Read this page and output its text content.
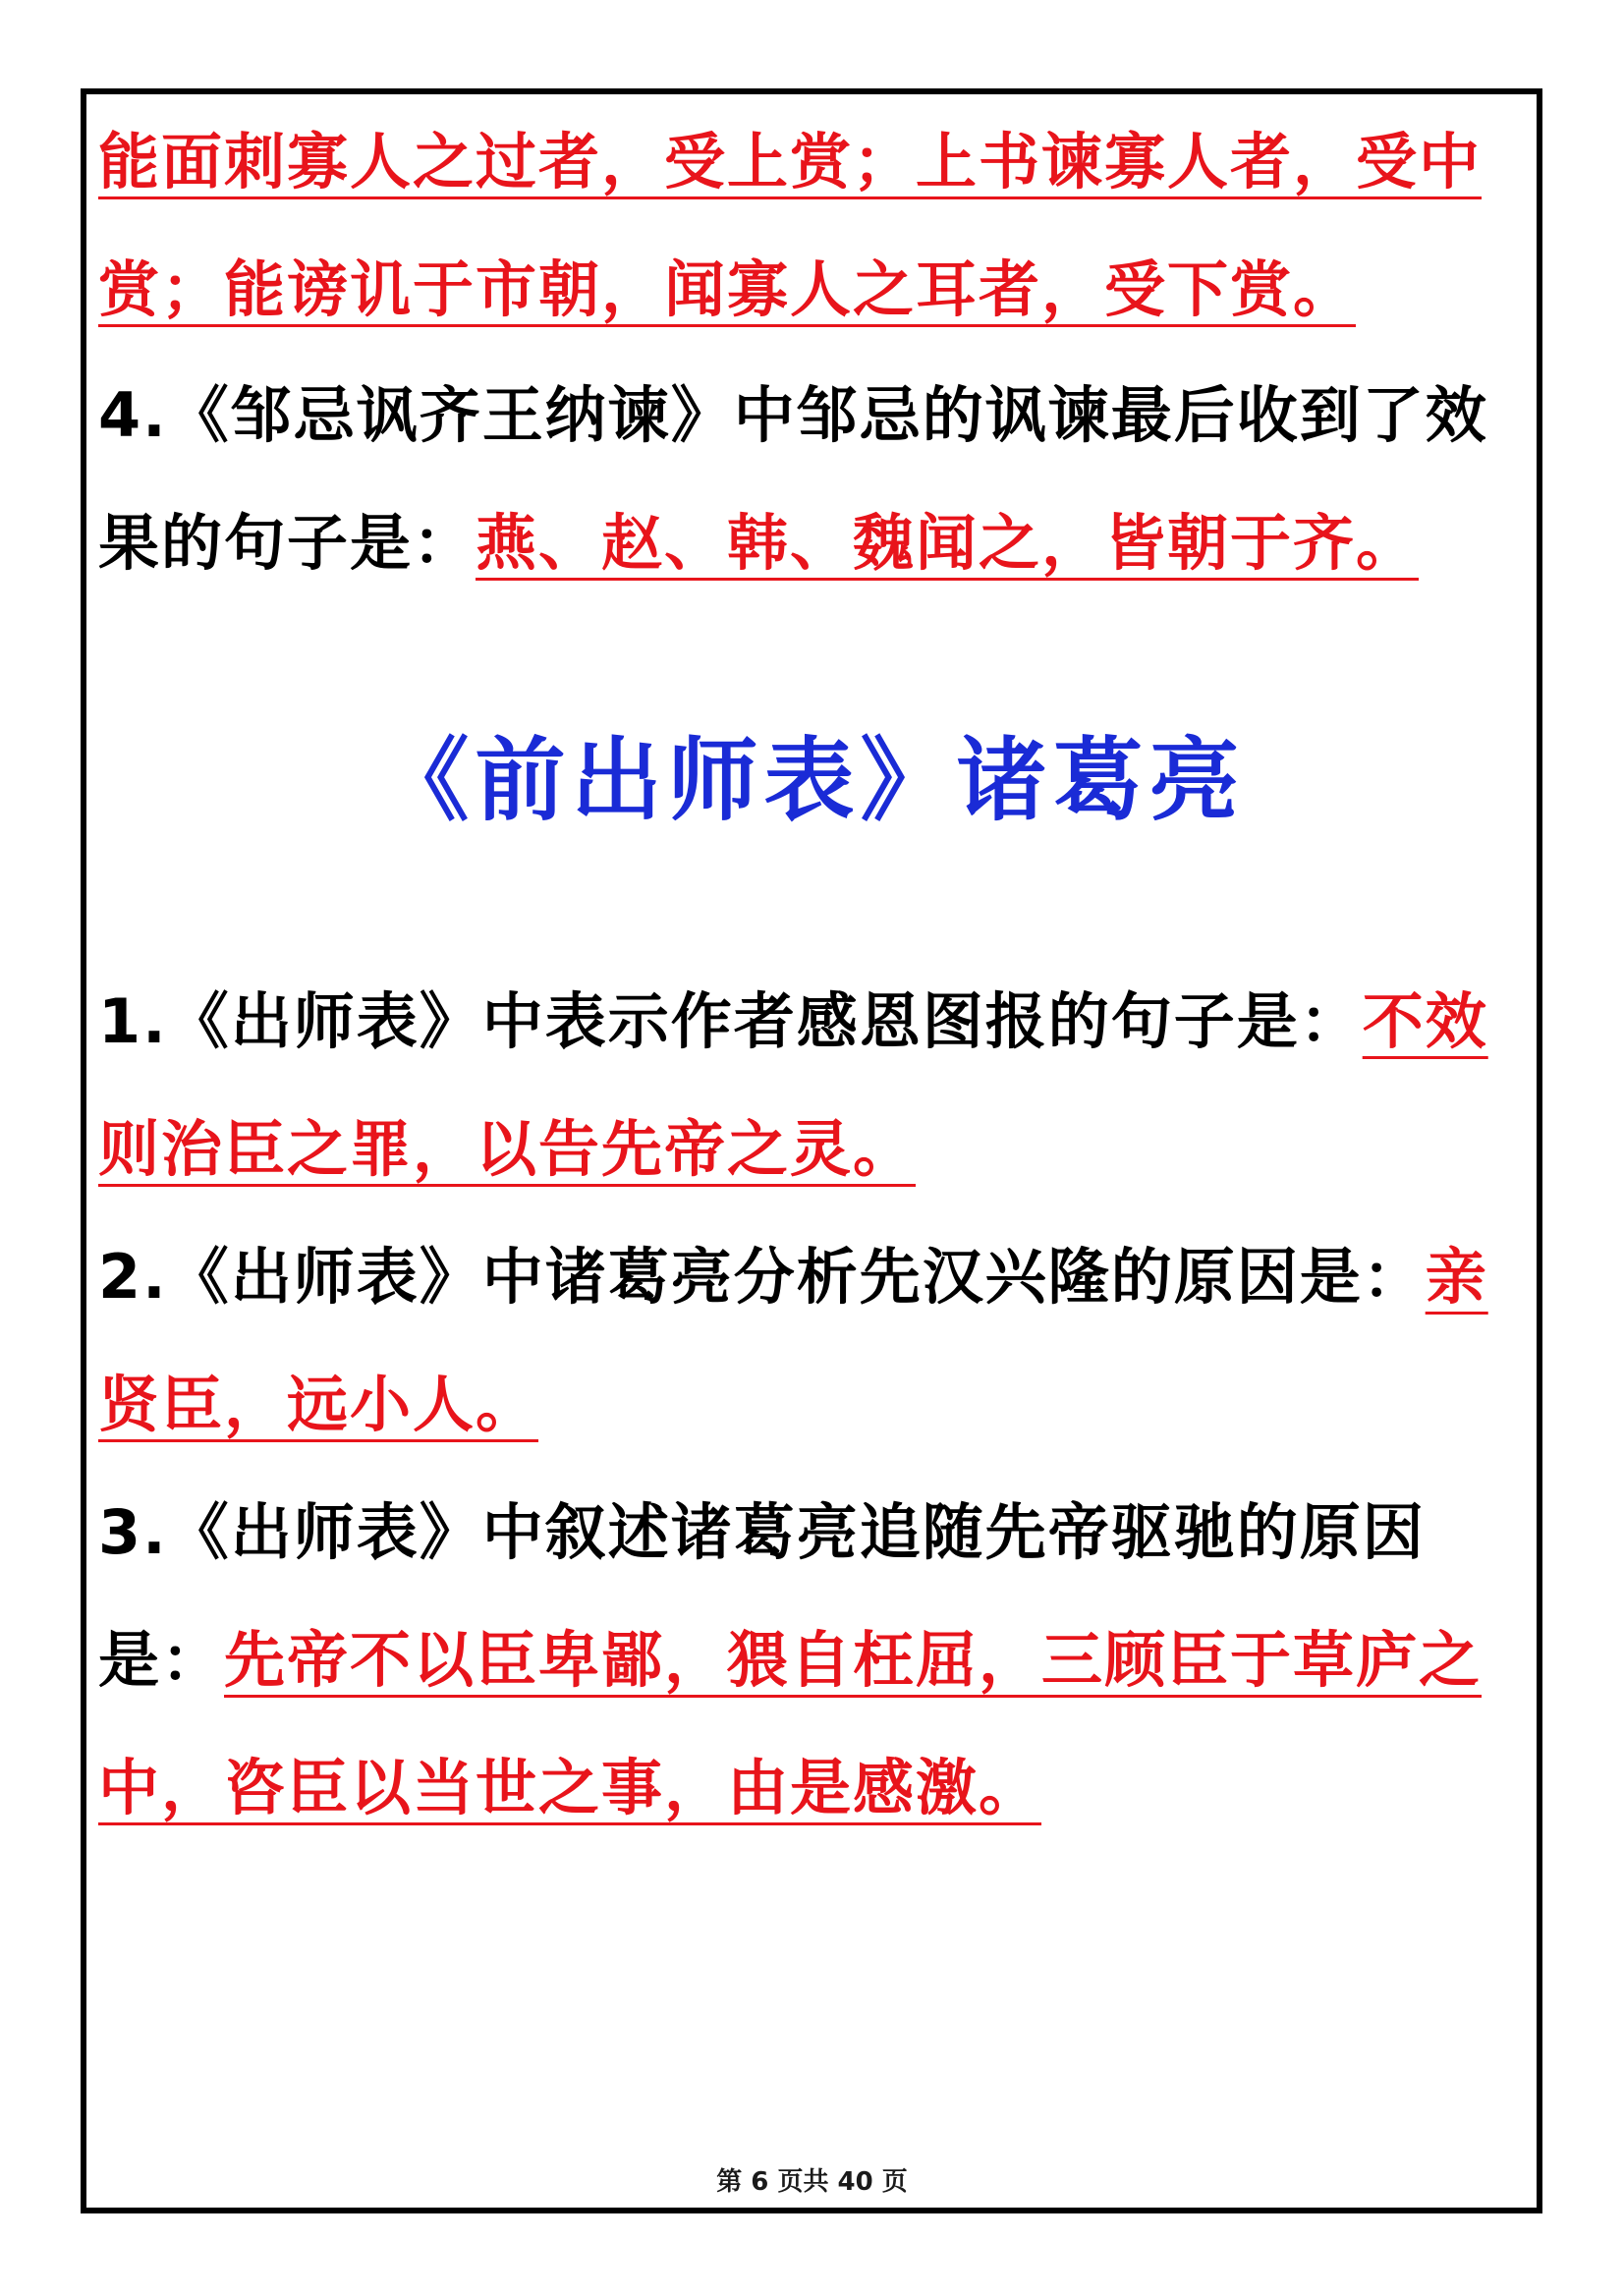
能面刺寡人之过者，受上赏；上书谏寡人者，受中赏；能谤讥于市朝，闻寡人之耳者，受下赏。

4.《邹忌讽齐王纳谏》中邹忌的讽谏最后收到了效果的句子是：燕、赵、韩、魏闻之，皆朝于齐。

《前出师表》诸葛亮

1.《出师表》中表示作者感恩图报的句子是：不效则治臣之罪，以告先帝之灵。

2.《出师表》中诸葛亮分析先汉兴隆的原因是：亲贤臣，远小人。

3.《出师表》中叙述诸葛亮追随先帝驱驰的原因是：先帝不以臣卑鄙，猥自枉屈，三顾臣于草庐之中，咨臣以当世之事，由是感激。

第 6 页共 40 页
